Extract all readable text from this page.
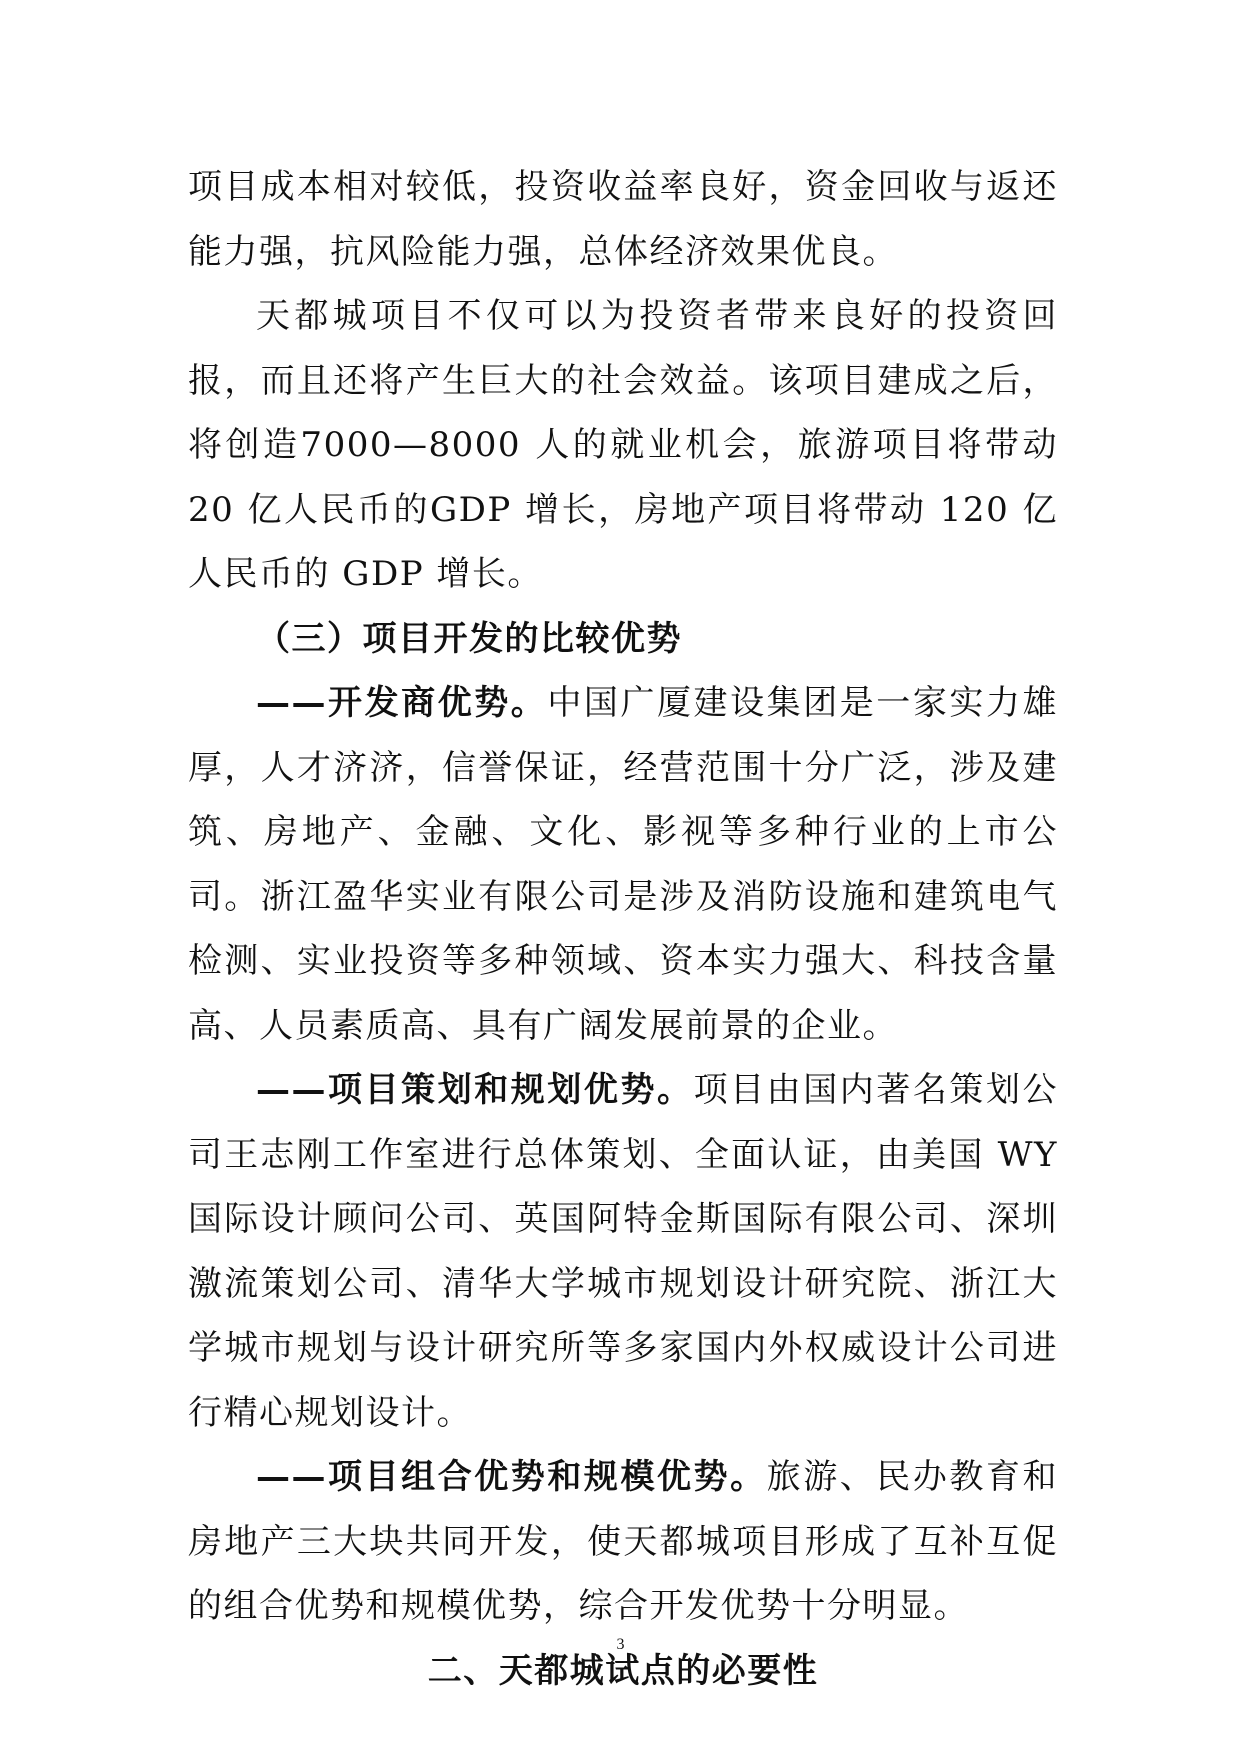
项目成本相对较低，投资收益率良好，资金回收与返还能力强，抗风险能力强，总体经济效果优良。

天都城项目不仅可以为投资者带来良好的投资回报，而且还将产生巨大的社会效益。该项目建成之后，将创造7000—8000 人的就业机会，旅游项目将带动 20 亿人民币的GDP 增长，房地产项目将带动 120 亿人民币的 GDP 增长。

（三）项目开发的比较优势

——开发商优势。中国广厦建设集团是一家实力雄厚，人才济济，信誉保证，经营范围十分广泛，涉及建筑、房地产、金融、文化、影视等多种行业的上市公司。浙江盈华实业有限公司是涉及消防设施和建筑电气检测、实业投资等多种领域、资本实力强大、科技含量高、人员素质高、具有广阔发展前景的企业。

——项目策划和规划优势。项目由国内著名策划公司王志刚工作室进行总体策划、全面认证，由美国 WY 国际设计顾问公司、英国阿特金斯国际有限公司、深圳激流策划公司、清华大学城市规划设计研究院、浙江大学城市规划与设计研究所等多家国内外权威设计公司进行精心规划设计。

——项目组合优势和规模优势。旅游、民办教育和房地产三大块共同开发，使天都城项目形成了互补互促的组合优势和规模优势，综合开发优势十分明显。

二、天都城试点的必要性

3
